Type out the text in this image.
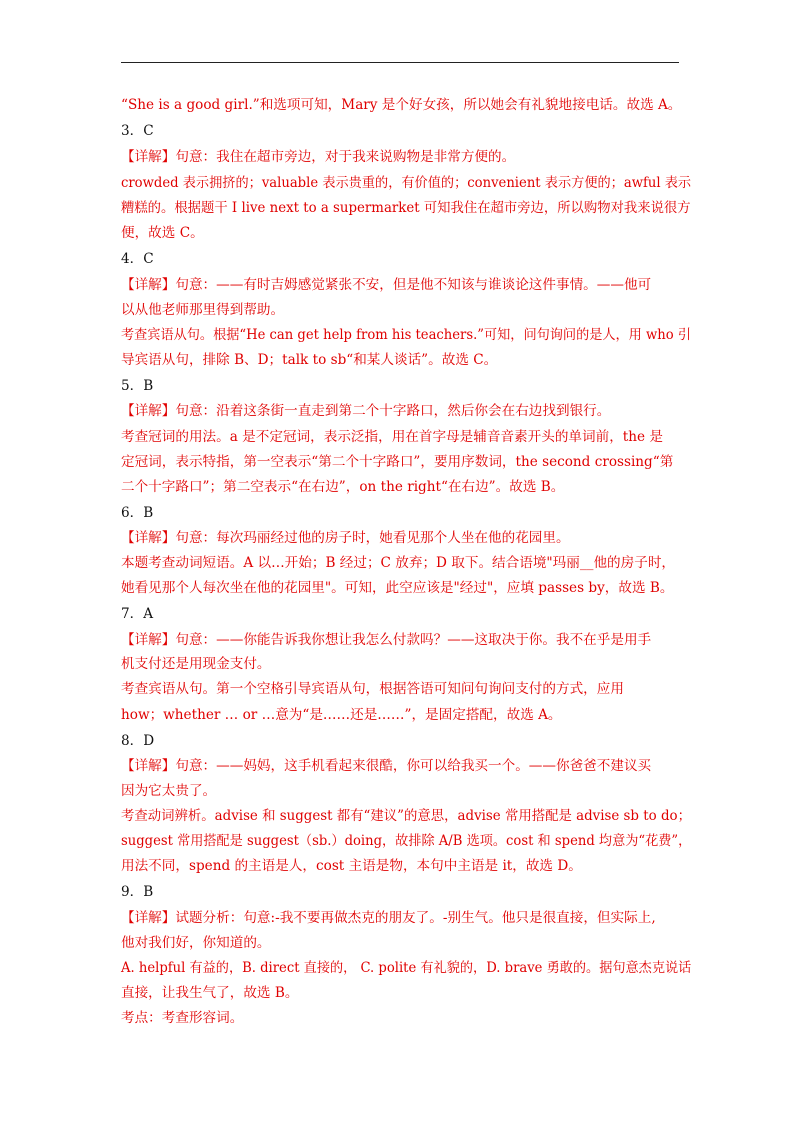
“She is a good girl.”和选项可知，Mary 是个好女孩，所以她会有礼貌地接电话。故选 A。
3．C
【详解】句意：我住在超市旁边，对于我来说购物是非常方便的。
crowded 表示拥挤的；valuable 表示贵重的，有价值的；convenient 表示方便的；awful 表示
糟糕的。根据题干 I live next to a supermarket 可知我住在超市旁边，所以购物对我来说很方
便，故选 C。
4．C
【详解】句意：——有时吉姆感觉紧张不安，但是他不知该与谁谈论这件事情。——他可
以从他老师那里得到帮助。
考查宾语从句。根据“He can get help from his teachers.”可知，问句询问的是人，用 who 引
导宾语从句，排除 B、D；talk to sb“和某人谈话”。故选 C。
5．B
【详解】句意：沿着这条街一直走到第二个十字路口，然后你会在右边找到银行。
考查冠词的用法。a 是不定冠词，表示泛指，用在首字母是辅音音素开头的单词前，the 是
定冠词，表示特指，第一空表示“第二个十字路口”，要用序数词，the second crossing“第
二个十字路口”；第二空表示“在右边”，on the right“在右边”。故选 B。
6．B
【详解】句意：每次玛丽经过他的房子时，她看见那个人坐在他的花园里。
本题考查动词短语。A 以…开始；B 经过；C 放弃；D 取下。结合语境"玛丽__他的房子时，
她看见那个人每次坐在他的花园里"。可知，此空应该是"经过"，应填 passes by，故选 B。
7．A
【详解】句意：——你能告诉我你想让我怎么付款吗？——这取决于你。我不在乎是用手
机支付还是用现金支付。
考查宾语从句。第一个空格引导宾语从句，根据答语可知问句询问支付的方式，应用
how；whether … or …意为“是……还是……”，是固定搭配，故选 A。
8．D
【详解】句意：——妈妈，这手机看起来很酷，你可以给我买一个。——你爸爸不建议买
因为它太贵了。
考查动词辨析。advise 和 suggest 都有“建议”的意思，advise 常用搭配是 advise sb to do；
suggest 常用搭配是 suggest（sb.）doing，故排除 A/B 选项。cost 和 spend 均意为“花费”，
用法不同，spend 的主语是人，cost 主语是物，本句中主语是 it，故选 D。
9．B
【详解】试题分析：句意:-我不要再做杰克的朋友了。-别生气。他只是很直接，但实际上,
他对我们好，你知道的。
A. helpful 有益的，B. direct 直接的， C. polite 有礼貌的，D. brave 勇敢的。据句意杰克说话
直接，让我生气了，故选 B。
考点：考查形容词。
